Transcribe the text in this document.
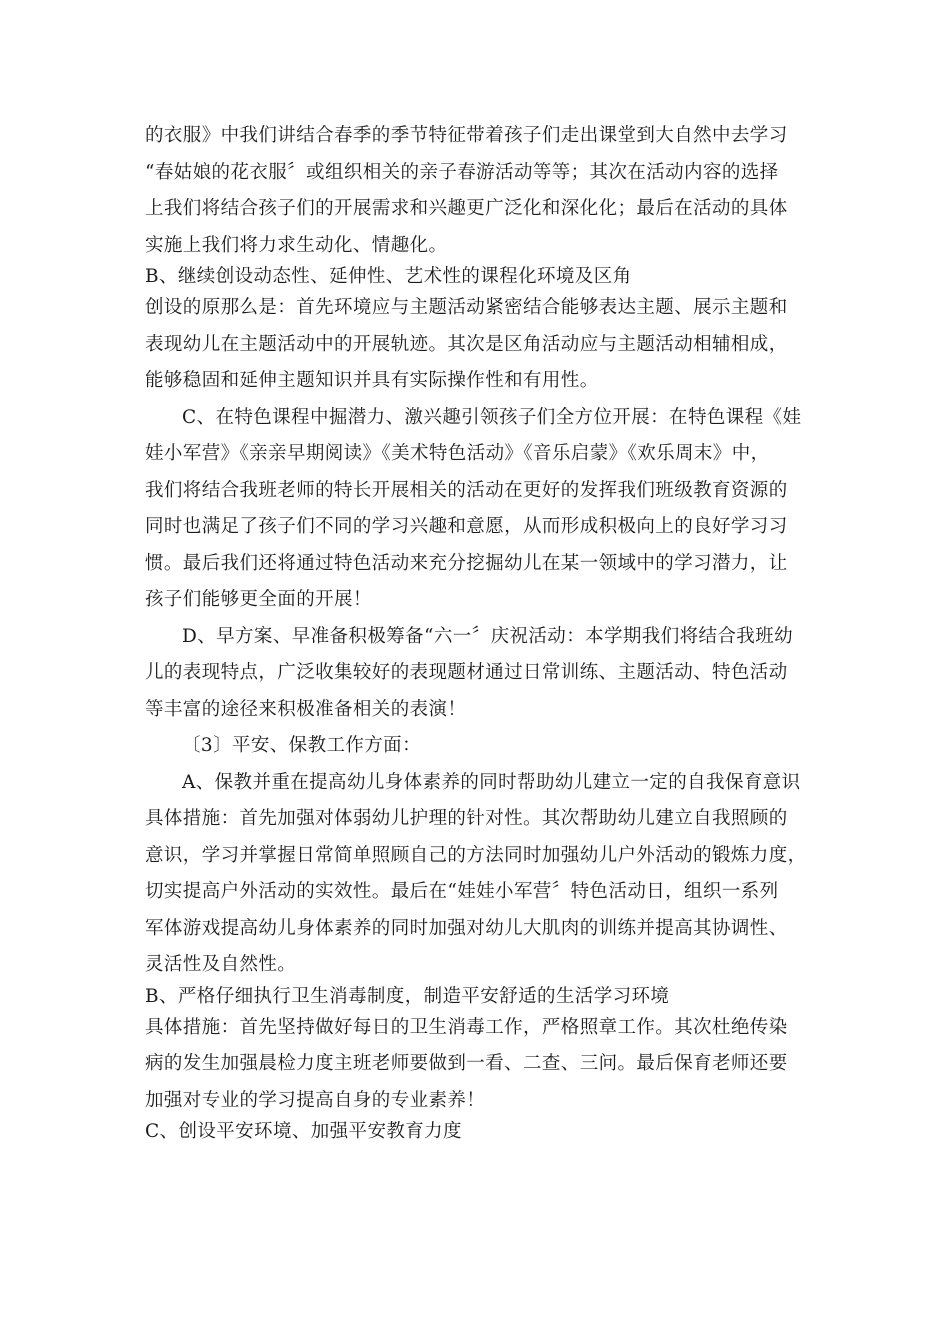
的衣服》中我们讲结合春季的季节特征带着孩子们走出课堂到大自然中去学习
“春姑娘的花衣服〞或组织相关的亲子春游活动等等；其次在活动内容的选择
上我们将结合孩子们的开展需求和兴趣更广泛化和深化化；最后在活动的具体
实施上我们将力求生动化、情趣化。
B、继续创设动态性、延伸性、艺术性的课程化环境及区角
创设的原那么是：首先环境应与主题活动紧密结合能够表达主题、展示主题和
表现幼儿在主题活动中的开展轨迹。其次是区角活动应与主题活动相辅相成，
能够稳固和延伸主题知识并具有实际操作性和有用性。
C、在特色课程中掘潜力、激兴趣引领孩子们全方位开展：在特色课程《娃
娃小军营》《亲亲早期阅读》《美术特色活动》《音乐启蒙》《欢乐周末》中，
我们将结合我班老师的特长开展相关的活动在更好的发挥我们班级教育资源的
同时也满足了孩子们不同的学习兴趣和意愿，从而形成积极向上的良好学习习
惯。最后我们还将通过特色活动来充分挖掘幼儿在某一领域中的学习潜力，让
孩子们能够更全面的开展！
D、早方案、早准备积极筹备“六一〞庆祝活动：本学期我们将结合我班幼
儿的表现特点，广泛收集较好的表现题材通过日常训练、主题活动、特色活动
等丰富的途径来积极准备相关的表演！
〔3〕平安、保教工作方面：
A、保教并重在提高幼儿身体素养的同时帮助幼儿建立一定的自我保育意识
具体措施：首先加强对体弱幼儿护理的针对性。其次帮助幼儿建立自我照顾的
意识，学习并掌握日常简单照顾自己的方法同时加强幼儿户外活动的锻炼力度，
切实提高户外活动的实效性。最后在“娃娃小军营〞特色活动日，组织一系列
军体游戏提高幼儿身体素养的同时加强对幼儿大肌肉的训练并提高其协调性、
灵活性及自然性。
B、严格仔细执行卫生消毒制度，制造平安舒适的生活学习环境
具体措施：首先坚持做好每日的卫生消毒工作，严格照章工作。其次杜绝传染
病的发生加强晨检力度主班老师要做到一看、二查、三问。最后保育老师还要
加强对专业的学习提高自身的专业素养！
C、创设平安环境、加强平安教育力度
